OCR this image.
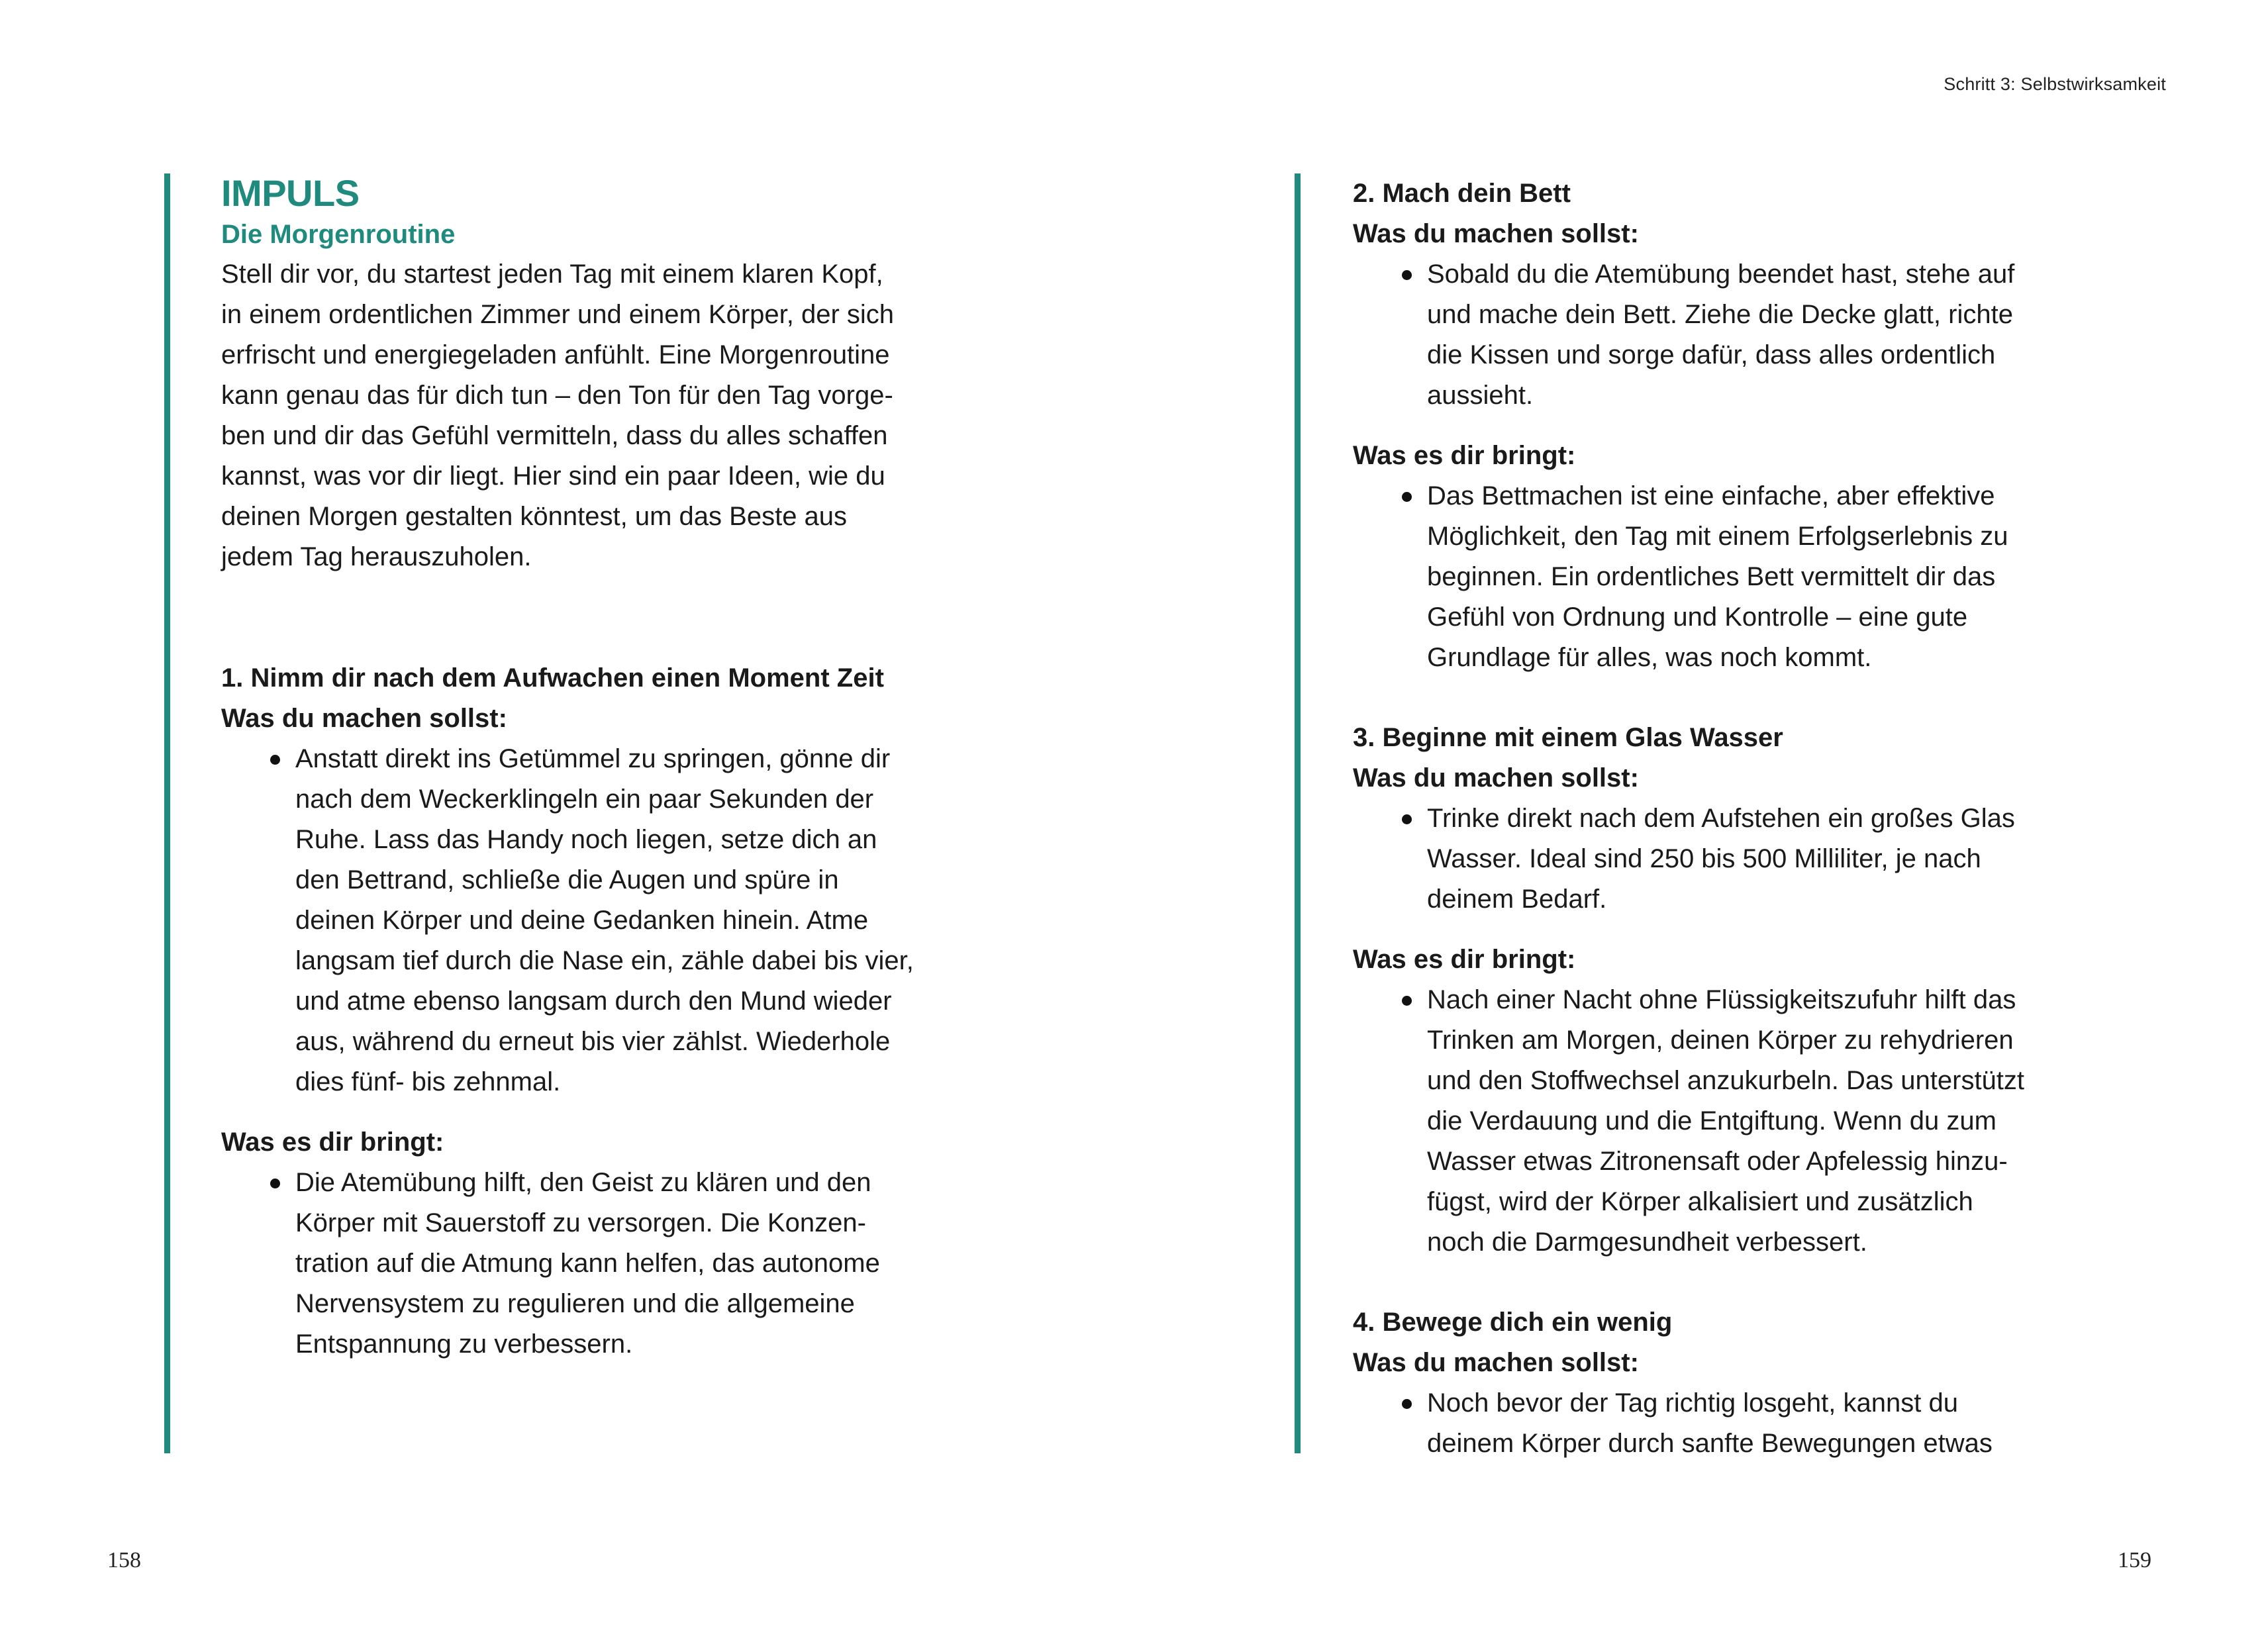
Schritt 3: Selbstwirksamkeit
IMPULS
Die Morgenroutine
Stell dir vor, du startest jeden Tag mit einem klaren Kopf,
in einem ordentlichen Zimmer und einem Körper, der sich
erfrischt und energiegeladen anfühlt. Eine Morgenroutine
kann genau das für dich tun – den Ton für den Tag vorge-
ben und dir das Gefühl vermitteln, dass du alles schaffen
kannst, was vor dir liegt. Hier sind ein paar Ideen, wie du
deinen Morgen gestalten könntest, um das Beste aus
jedem Tag herauszuholen.
1. Nimm dir nach dem Aufwachen einen Moment Zeit
Was du machen sollst:
Anstatt direkt ins Getümmel zu springen, gönne dir
nach dem Weckerklingeln ein paar Sekunden der
Ruhe. Lass das Handy noch liegen, setze dich an
den Bettrand, schließe die Augen und spüre in
deinen Körper und deine Gedanken hinein. Atme
langsam tief durch die Nase ein, zähle dabei bis vier,
und atme ebenso langsam durch den Mund wieder
aus, während du erneut bis vier zählst. Wiederhole
dies fünf- bis zehnmal.
Was es dir bringt:
Die Atemübung hilft, den Geist zu klären und den
Körper mit Sauerstoff zu versorgen. Die Konzen-
tration auf die Atmung kann helfen, das autonome
Nervensystem zu regulieren und die allgemeine
Entspannung zu verbessern.
2. Mach dein Bett
Was du machen sollst:
Sobald du die Atemübung beendet hast, stehe auf
und mache dein Bett. Ziehe die Decke glatt, richte
die Kissen und sorge dafür, dass alles ordentlich
aussieht.
Was es dir bringt:
Das Bettmachen ist eine einfache, aber effektive
Möglichkeit, den Tag mit einem Erfolgserlebnis zu
beginnen. Ein ordentliches Bett vermittelt dir das
Gefühl von Ordnung und Kontrolle – eine gute
Grundlage für alles, was noch kommt.
3. Beginne mit einem Glas Wasser
Was du machen sollst:
Trinke direkt nach dem Aufstehen ein großes Glas
Wasser. Ideal sind 250 bis 500 Milliliter, je nach
deinem Bedarf.
Was es dir bringt:
Nach einer Nacht ohne Flüssigkeitszufuhr hilft das
Trinken am Morgen, deinen Körper zu rehydrieren
und den Stoffwechsel anzukurbeln. Das unterstützt
die Verdauung und die Entgiftung. Wenn du zum
Wasser etwas Zitronensaft oder Apfelessig hinzu-
fügst, wird der Körper alkalisiert und zusätzlich
noch die Darmgesundheit verbessert.
4. Bewege dich ein wenig
Was du machen sollst:
Noch bevor der Tag richtig losgeht, kannst du
deinem Körper durch sanfte Bewegungen etwas
158	159
